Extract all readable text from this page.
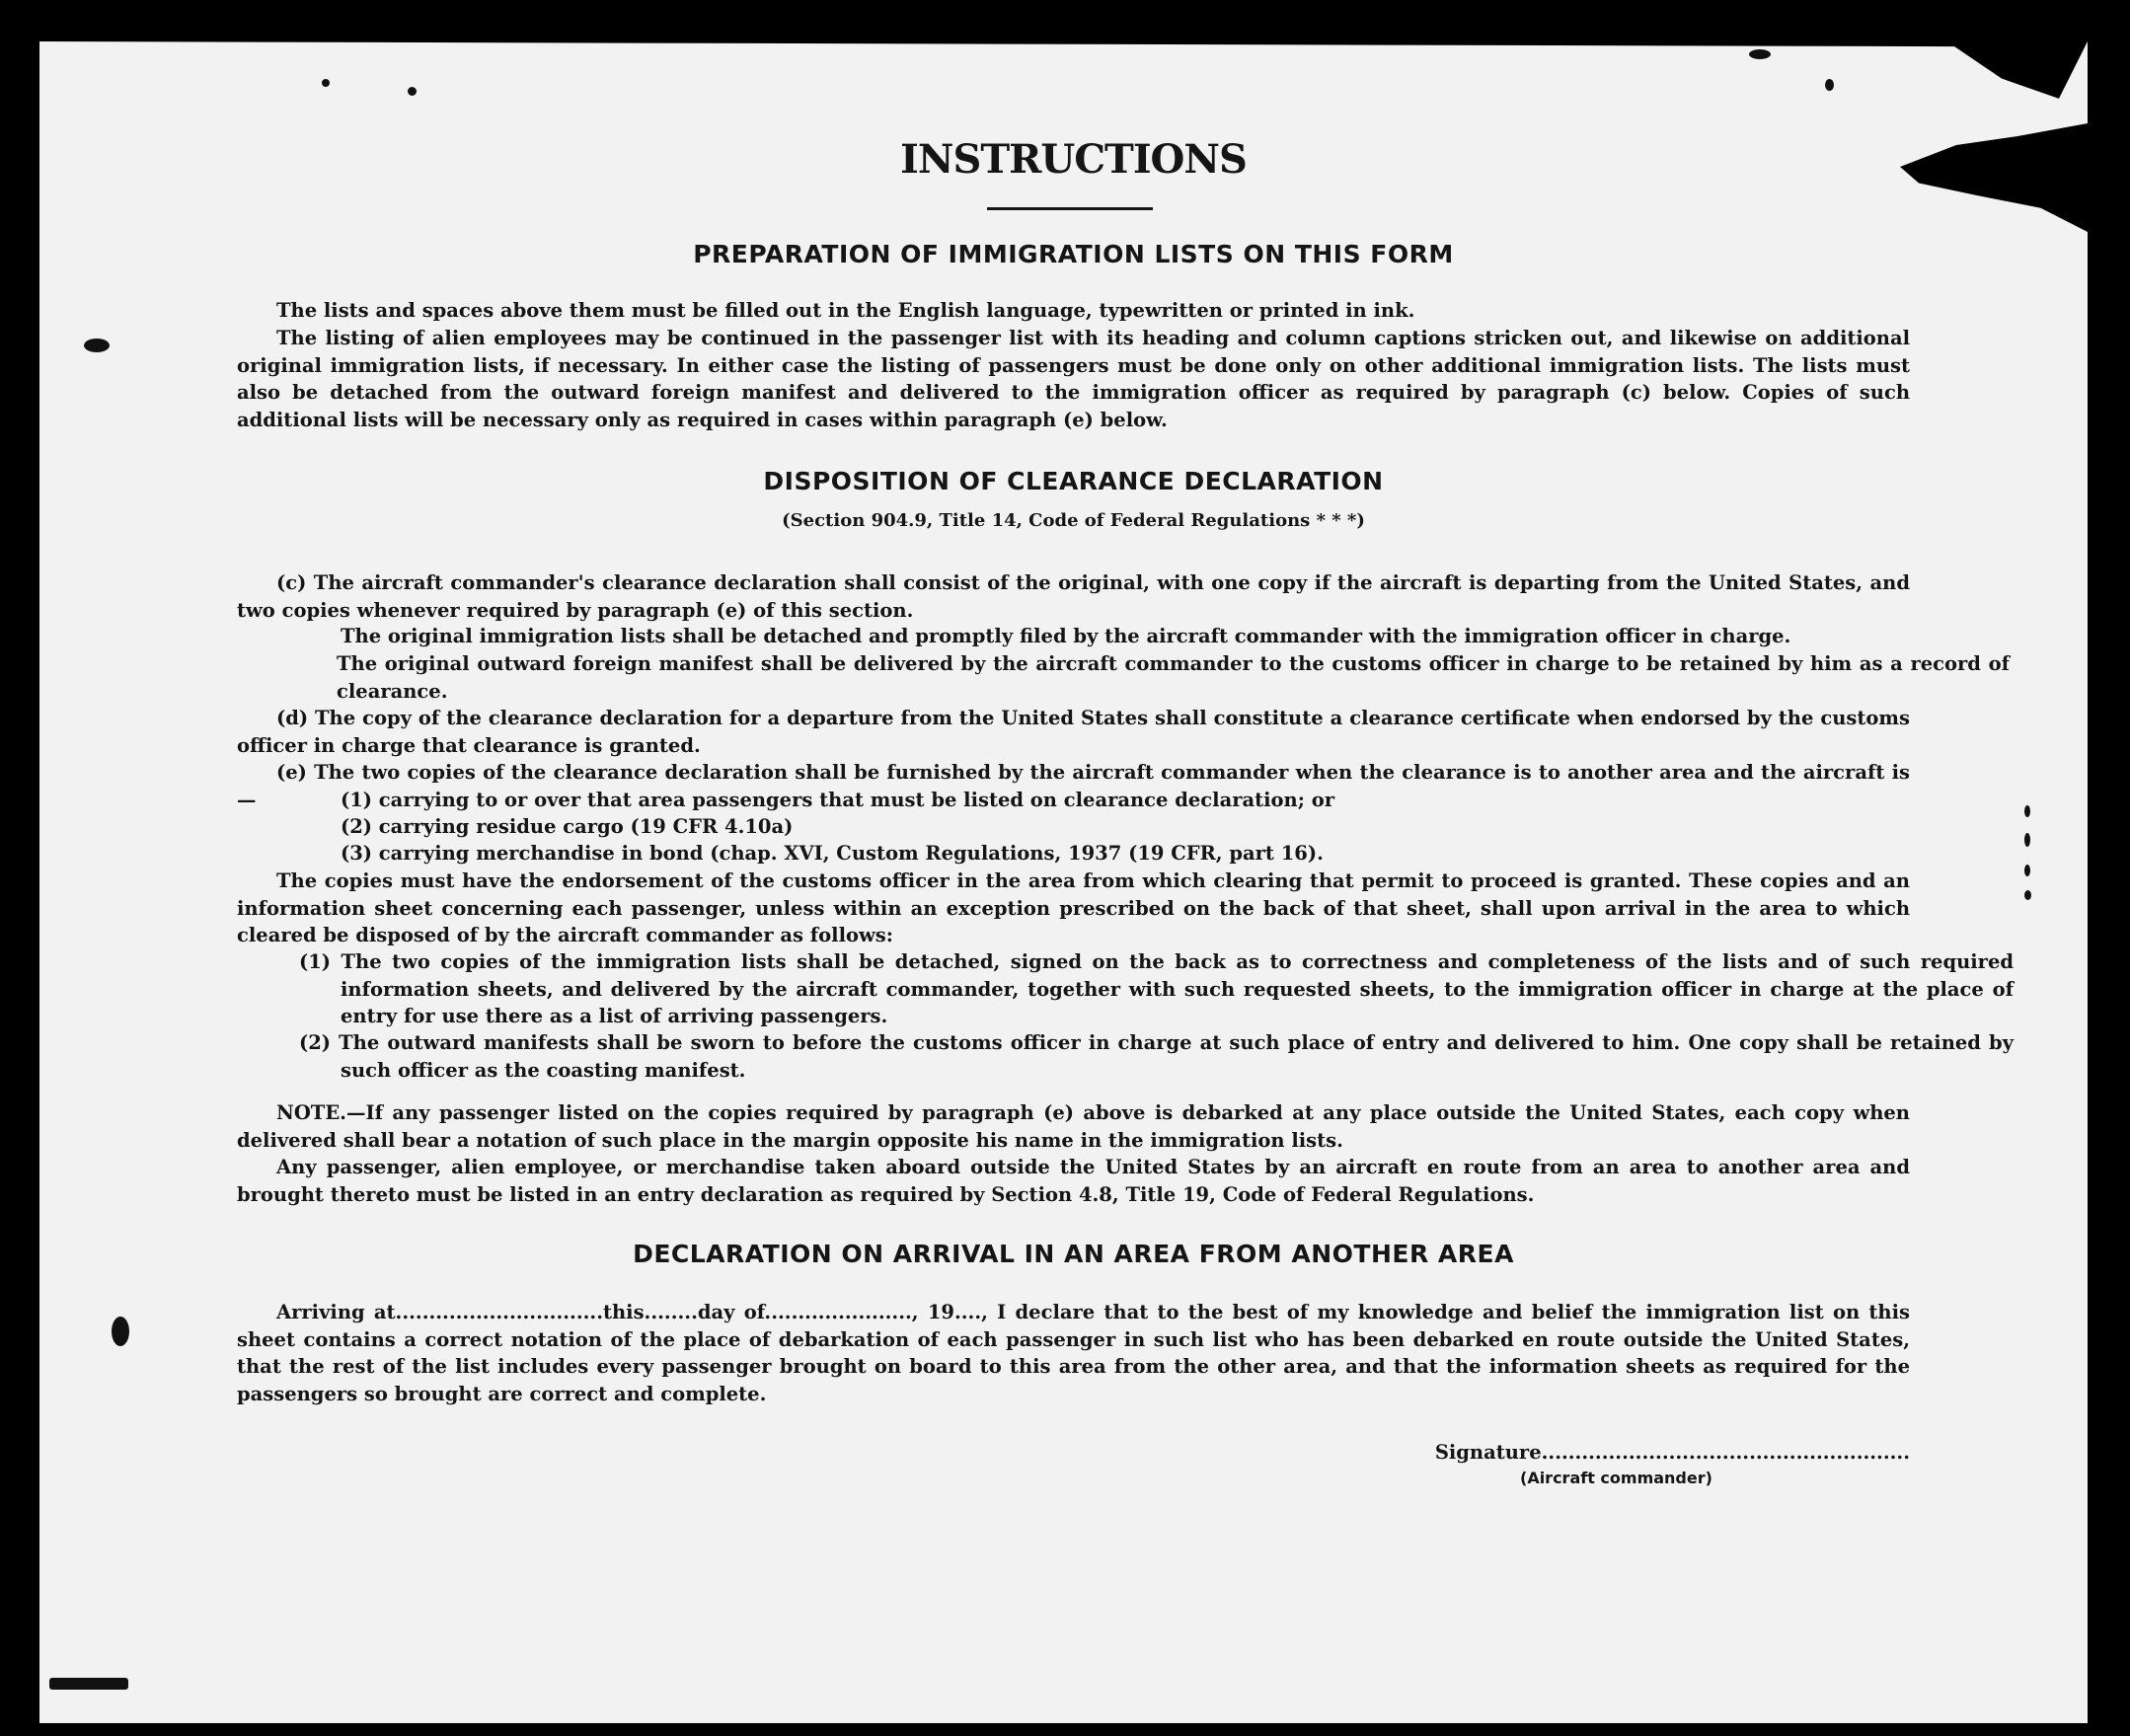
INSTRUCTIONS
PREPARATION OF IMMIGRATION LISTS ON THIS FORM

The lists and spaces above them must be filled out in the English language, typewritten or printed in ink.

The listing of alien employees may be continued in the passenger list with its heading and column captions stricken out, and likewise on additional original immigration lists, if necessary. In either case the listing of passengers must be done only on other additional immigration lists. The lists must also be detached from the outward foreign manifest and delivered to the immigration officer as required by paragraph (c) below. Copies of such additional lists will be necessary only as required in cases within paragraph (e) below.

DISPOSITION OF CLEARANCE DECLARATION
(Section 904.9, Title 14, Code of Federal Regulations * * *)

(c) The aircraft commander's clearance declaration shall consist of the original, with one copy if the aircraft is departing from the United States, and two copies whenever required by paragraph (e) of this section.

The original immigration lists shall be detached and promptly filed by the aircraft commander with the immigration officer in charge.

The original outward foreign manifest shall be delivered by the aircraft commander to the customs officer in charge to be retained by him as a record of clearance.

(d) The copy of the clearance declaration for a departure from the United States shall constitute a clearance certificate when endorsed by the customs officer in charge that clearance is granted.

(e) The two copies of the clearance declaration shall be furnished by the aircraft commander when the clearance is to another area and the aircraft is—	(1) carrying to or over that area passengers that must be listed on clearance declaration; or

(2) carrying residue cargo (19 CFR 4.10a)

(3) carrying merchandise in bond (chap. XVI, Custom Regulations, 1937 (19 CFR, part 16).

The copies must have the endorsement of the customs officer in the area from which clearing that permit to proceed is granted. These copies and an information sheet concerning each passenger, unless within an exception prescribed on the back of that sheet, shall upon arrival in the area to which cleared be disposed of by the aircraft commander as follows:

(1) The two copies of the immigration lists shall be detached, signed on the back as to correctness and completeness of the lists and of such required information sheets, and delivered by the aircraft commander, together with such requested sheets, to the immigration officer in charge at the place of entry for use there as a list of arriving passengers.

(2) The outward manifests shall be sworn to before the customs officer in charge at such place of entry and delivered to him. One copy shall be retained by such officer as the coasting manifest.

NOTE.—If any passenger listed on the copies required by paragraph (e) above is debarked at any place outside the United States, each copy when delivered shall bear a notation of such place in the margin opposite his name in the immigration lists.

Any passenger, alien employee, or merchandise taken aboard outside the United States by an aircraft en route from an area to another area and brought thereto must be listed in an entry declaration as required by Section 4.8, Title 19, Code of Federal Regulations.

DECLARATION ON ARRIVAL IN AN AREA FROM ANOTHER AREA

Arriving at...............................this........day of......................, 19...., I declare that to the best of my knowledge and belief the immigration list on this sheet contains a correct notation of the place of debarkation of each passenger in such list who has been debarked en route outside the United States, that the rest of the list includes every passenger brought on board to this area from the other area, and that the information sheets as required for the passengers so brought are correct and complete.

Signature.......................................................
(Aircraft commander)
